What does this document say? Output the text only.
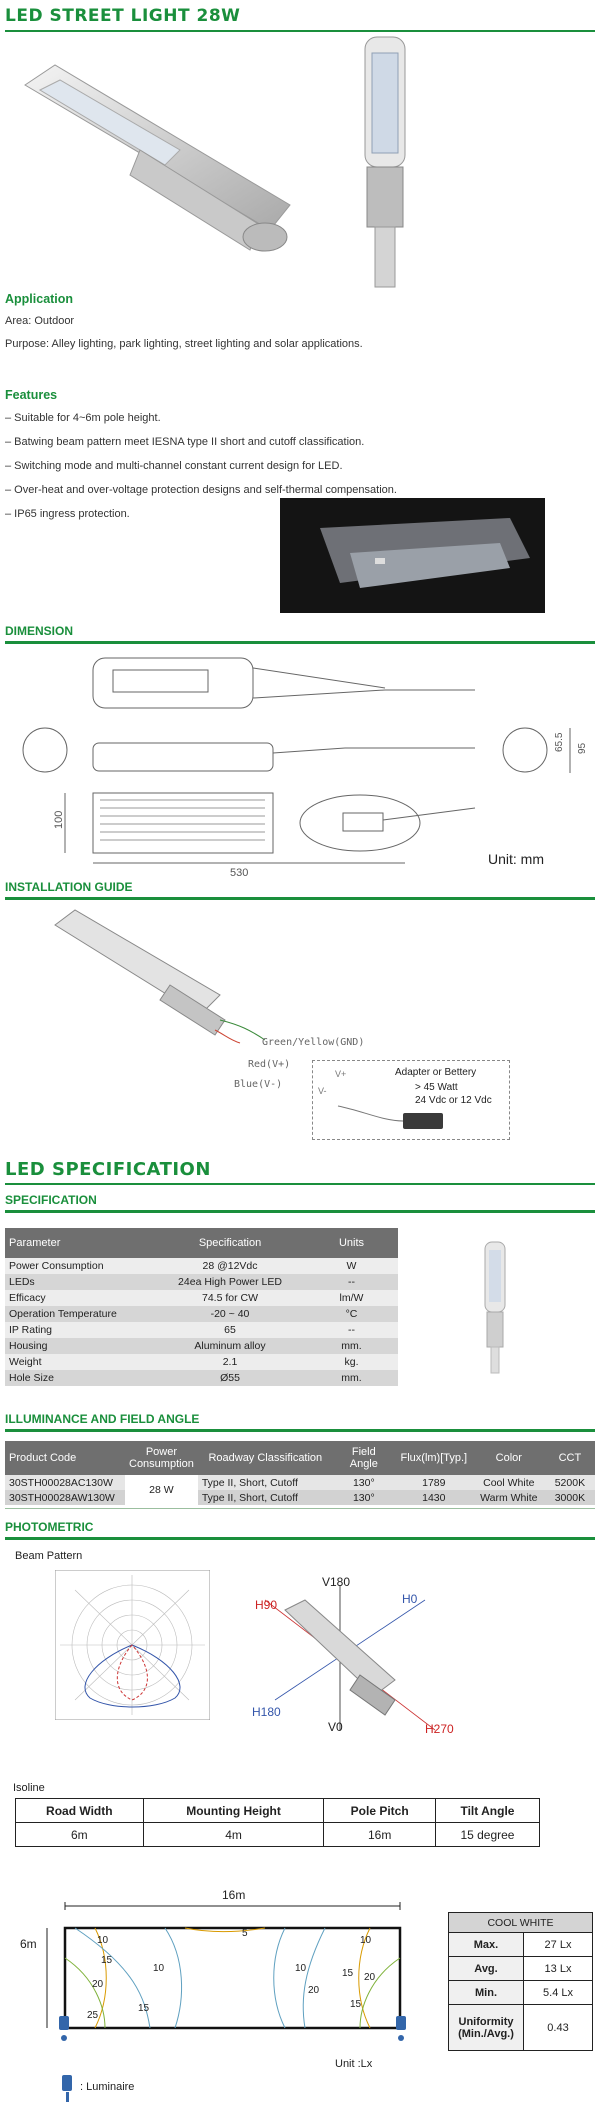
LED STREET LIGHT 28W
Application
Area: Outdoor
Purpose: Alley lighting, park lighting, street lighting and solar applications.
Features
– Suitable for 4~6m pole height.
– Batwing beam pattern meet IESNA type II short and cutoff classification.
– Switching mode and multi-channel constant current design for LED.
– Over-heat and over-voltage protection designs and self-thermal compensation.
– IP65 ingress protection.
DIMENSION
530
100
65.5 95
Unit: mm
INSTALLATION GUIDE
Green/Yellow(GND)
Red(V+)
Blue(V-)
Adapter or Bettery
> 45 Watt
24 Vdc or 12 Vdc
V+
V-
LED SPECIFICATION
SPECIFICATION
Parameter	Specification	Units
Power Consumption	28 @12Vdc	W
LEDs	24ea High Power LED	--
Efficacy	74.5 for CW	lm/W
Operation Temperature	-20 ~ 40	°C
IP Rating	65	--
Housing	Aluminum alloy	mm.
Weight	2.1	kg.
Hole Size	Ø55	mm.
ILLUMINANCE AND FIELD ANGLE
Product Code	Power Consumption	Roadway Classification	Field Angle	Flux(lm)[Typ.]	Color	CCT
30STH00028AC130W	28 W	Type II, Short, Cutoff	130°	1789	Cool White	5200K
30STH00028AW130W		Type II, Short, Cutoff	130°	1430	Warm White	3000K
PHOTOMETRIC
Beam Pattern
V180
H90	H0
H180
V0	H270
Isoline
Road Width	Mounting Height	Pole Pitch	Tilt Angle
6m	4m	16m	15 degree
16m
6m	10
15
20
25
10
15
5
10
10	15 20
20
15
Unit :Lx
: Luminaire
COOL WHITE	
Max.	27 Lx
Avg.	13 Lx
Min.	5.4 Lx
Uniformity (Min./Avg.)	0.43
